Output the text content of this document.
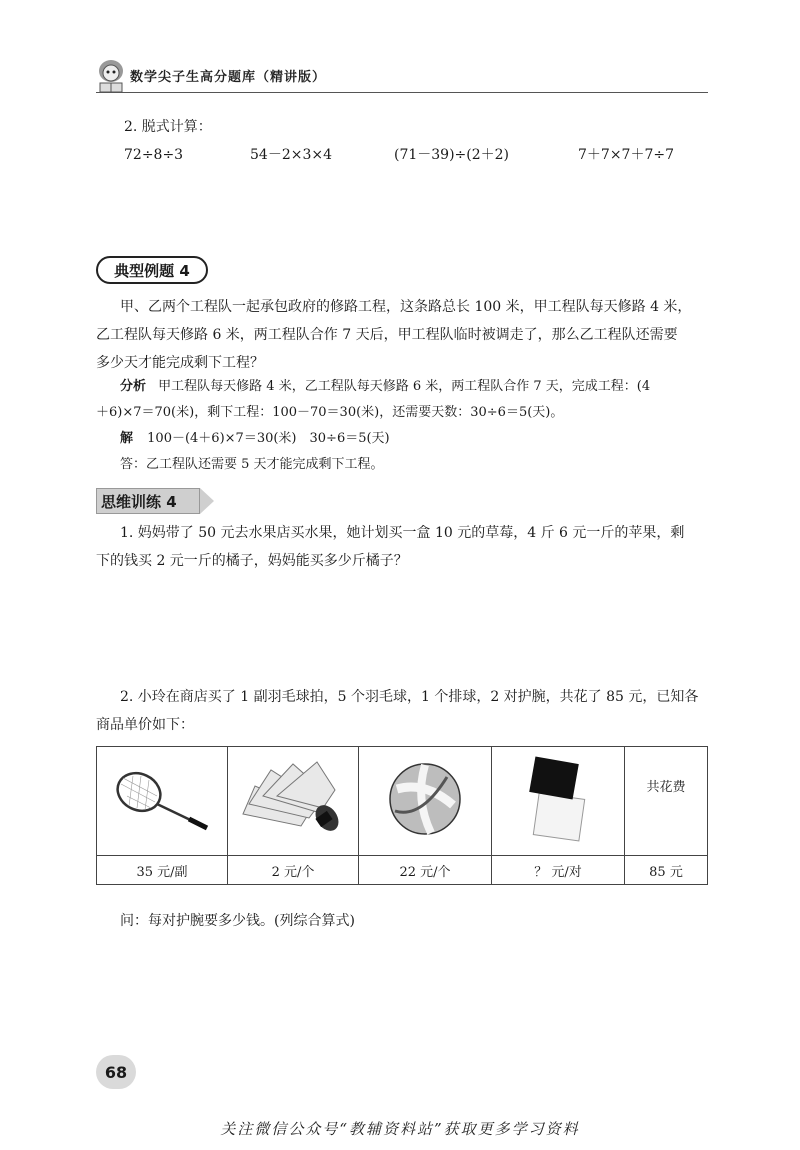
数学尖子生高分题库（精讲版）
2. 脱式计算：
72÷8÷3	54－2×3×4	(71－39)÷(2＋2)	7＋7×7＋7÷7
典型例题 4
甲、乙两个工程队一起承包政府的修路工程，这条路总长 100 米，甲工程队每天修路 4 米，
乙工程队每天修路 6 米，两工程队合作 7 天后，甲工程队临时被调走了，那么乙工程队还需要
多少天才能完成剩下工程？
分析 甲工程队每天修路 4 米，乙工程队每天修路 6 米，两工程队合作 7 天，完成工程：(4
＋6)×7＝70(米)，剩下工程：100－70＝30(米)，还需要天数：30÷6＝5(天)。
解 100－(4＋6)×7＝30(米)　30÷6＝5(天)
答：乙工程队还需要 5 天才能完成剩下工程。
思维训练 4
1. 妈妈带了 50 元去水果店买水果，她计划买一盒 10 元的草莓，4 斤 6 元一斤的苹果，剩
下的钱买 2 元一斤的橘子，妈妈能买多少斤橘子？
2. 小玲在商店买了 1 副羽毛球拍，5 个羽毛球，1 个排球，2 对护腕，共花了 85 元，已知各
商品单价如下：
				共花费
35 元/副	2 元/个	22 元/个	？ 元/对	85 元
问：每对护腕要多少钱。(列综合算式)
68
关注微信公众号“教辅资料站”获取更多学习资料
